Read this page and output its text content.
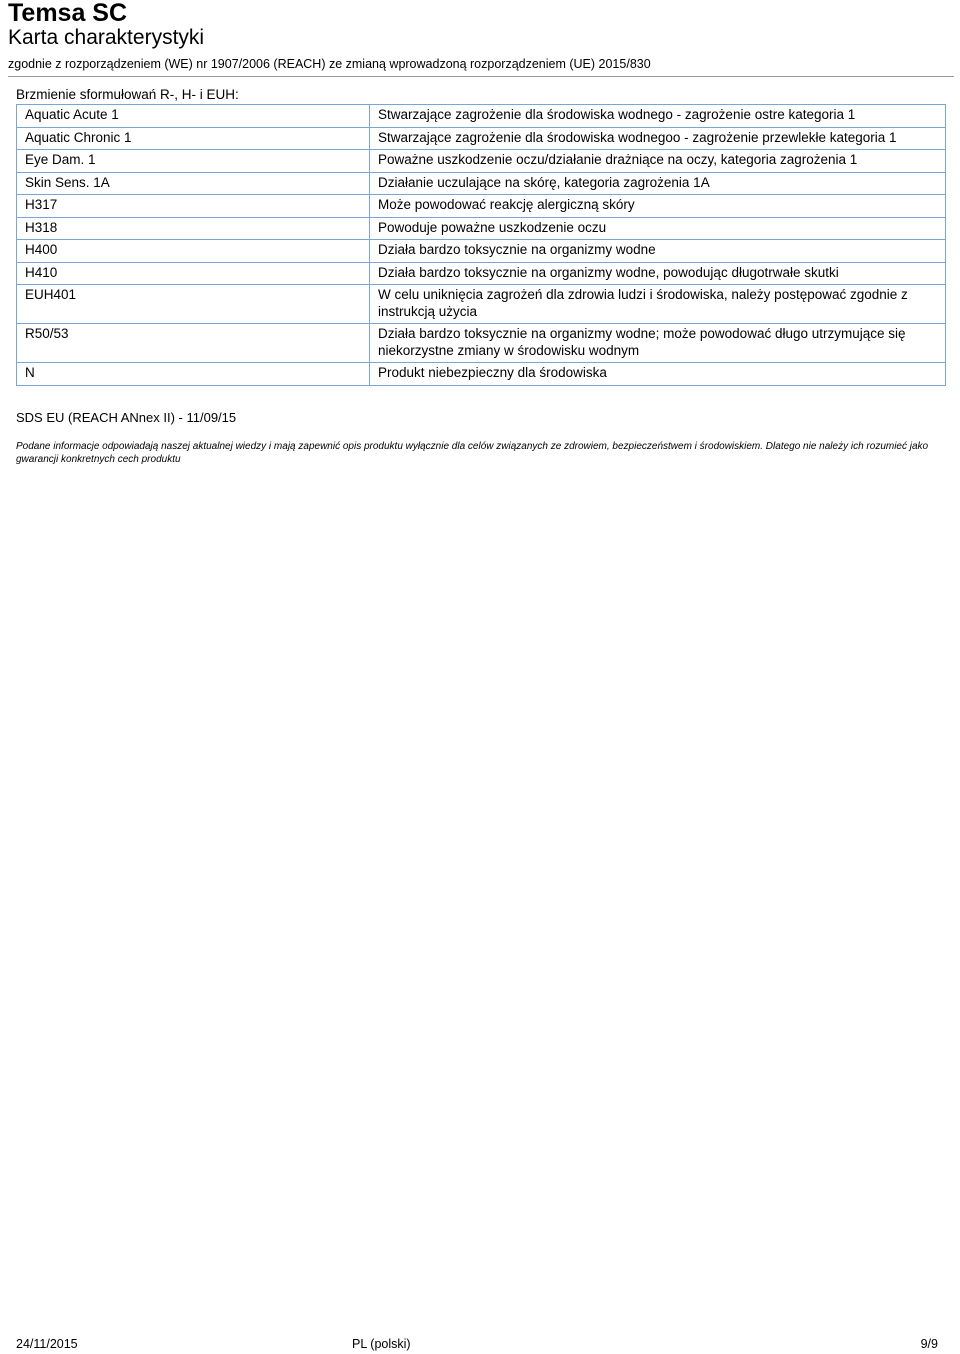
Temsa SC
Karta charakterystyki
zgodnie z rozporządzeniem (WE) nr 1907/2006 (REACH) ze zmianą wprowadzoną rozporządzeniem (UE) 2015/830
Brzmienie sformułowań R-, H- i EUH:
Aquatic Acute 1	Stwarzające zagrożenie dla środowiska wodnego - zagrożenie ostre kategoria 1
Aquatic Chronic 1	Stwarzające zagrożenie dla środowiska wodnegoo - zagrożenie przewlekłe kategoria 1
Eye Dam. 1	Poważne uszkodzenie oczu/działanie drażniące na oczy, kategoria zagrożenia 1
Skin Sens. 1A	Działanie uczulające na skórę, kategoria zagrożenia 1A
H317	Może powodować reakcję alergiczną skóry
H318	Powoduje poważne uszkodzenie oczu
H400	Działa bardzo toksycznie na organizmy wodne
H410	Działa bardzo toksycznie na organizmy wodne, powodując długotrwałe skutki
EUH401	W celu uniknięcia zagrożeń dla zdrowia ludzi i środowiska, należy postępować zgodnie z instrukcją użycia
R50/53	Działa bardzo toksycznie na organizmy wodne; może powodować długo utrzymujące się niekorzystne zmiany w środowisku wodnym
N	Produkt niebezpieczny dla środowiska
SDS EU (REACH ANnex II) - 11/09/15
Podane informacje odpowiadają naszej aktualnej wiedzy i mają zapewnić opis produktu wyłącznie dla celów związanych ze zdrowiem, bezpieczeństwem i środowiskiem. Dlatego nie należy ich rozumieć jako gwarancji konkretnych cech produktu
24/11/2015	PL (polski)	9/9
